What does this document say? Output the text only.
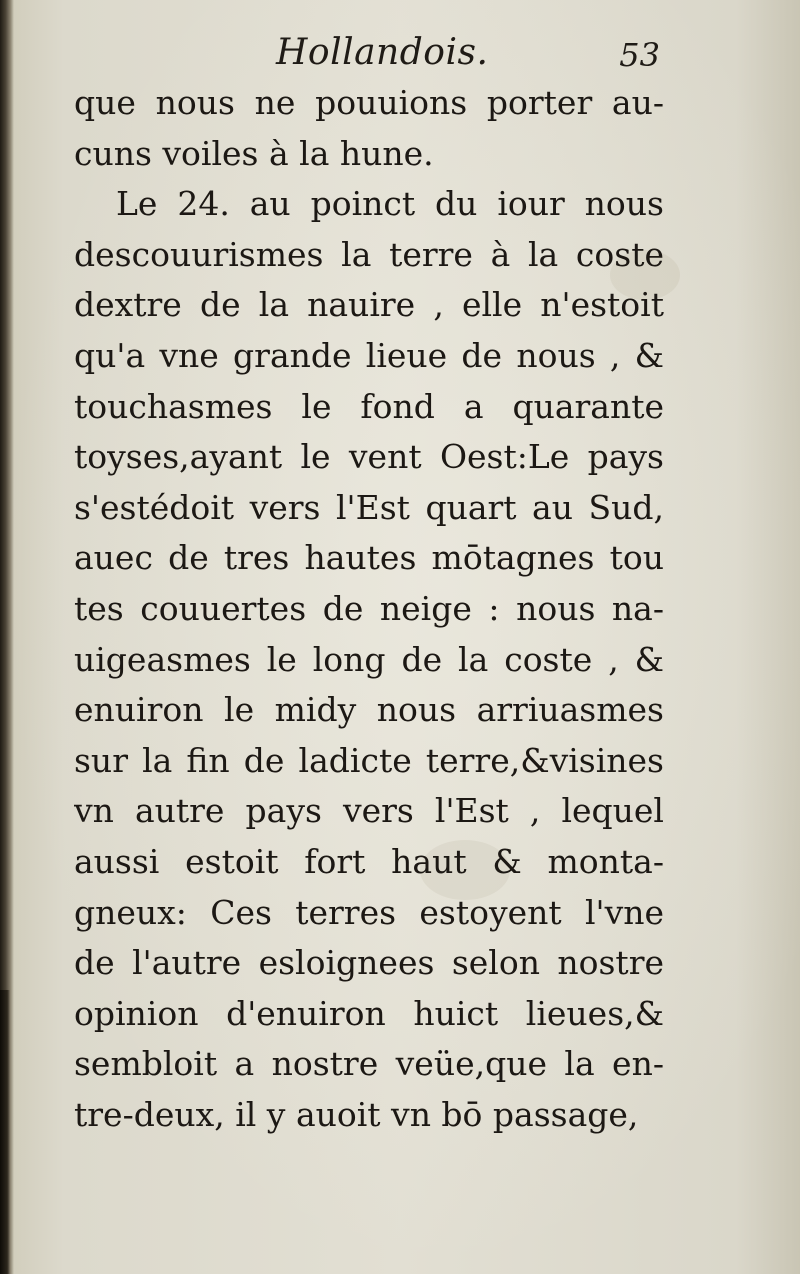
Hollandois.	53
que nous ne pouuions porter au-
cuns voiles à la hune.
Le 24. au poinct du iour nous
descouurismes la terre à la coste
dextre de la nauire , elle n'estoit
qu'a vne grande lieue de nous , &
touchasmes le fond a quarante
toyses,ayant le vent Oest:Le pays
s'estédoit vers l'Est quart au Sud,
auec de tres hautes mōtagnes tou
tes couuertes de neige : nous na-
uigeasmes le long de la coste , &
enuiron le midy nous arriuasmes
sur la fin de ladicte terre,&visines
vn autre pays vers l'Est , lequel
aussi estoit fort haut & monta-
gneux: Ces terres estoyent l'vne
de l'autre esloignees selon nostre
opinion d'enuiron huict lieues,&
sembloit a nostre veüe,que la en-
tre-deux, il y auoit vn bō passage,
